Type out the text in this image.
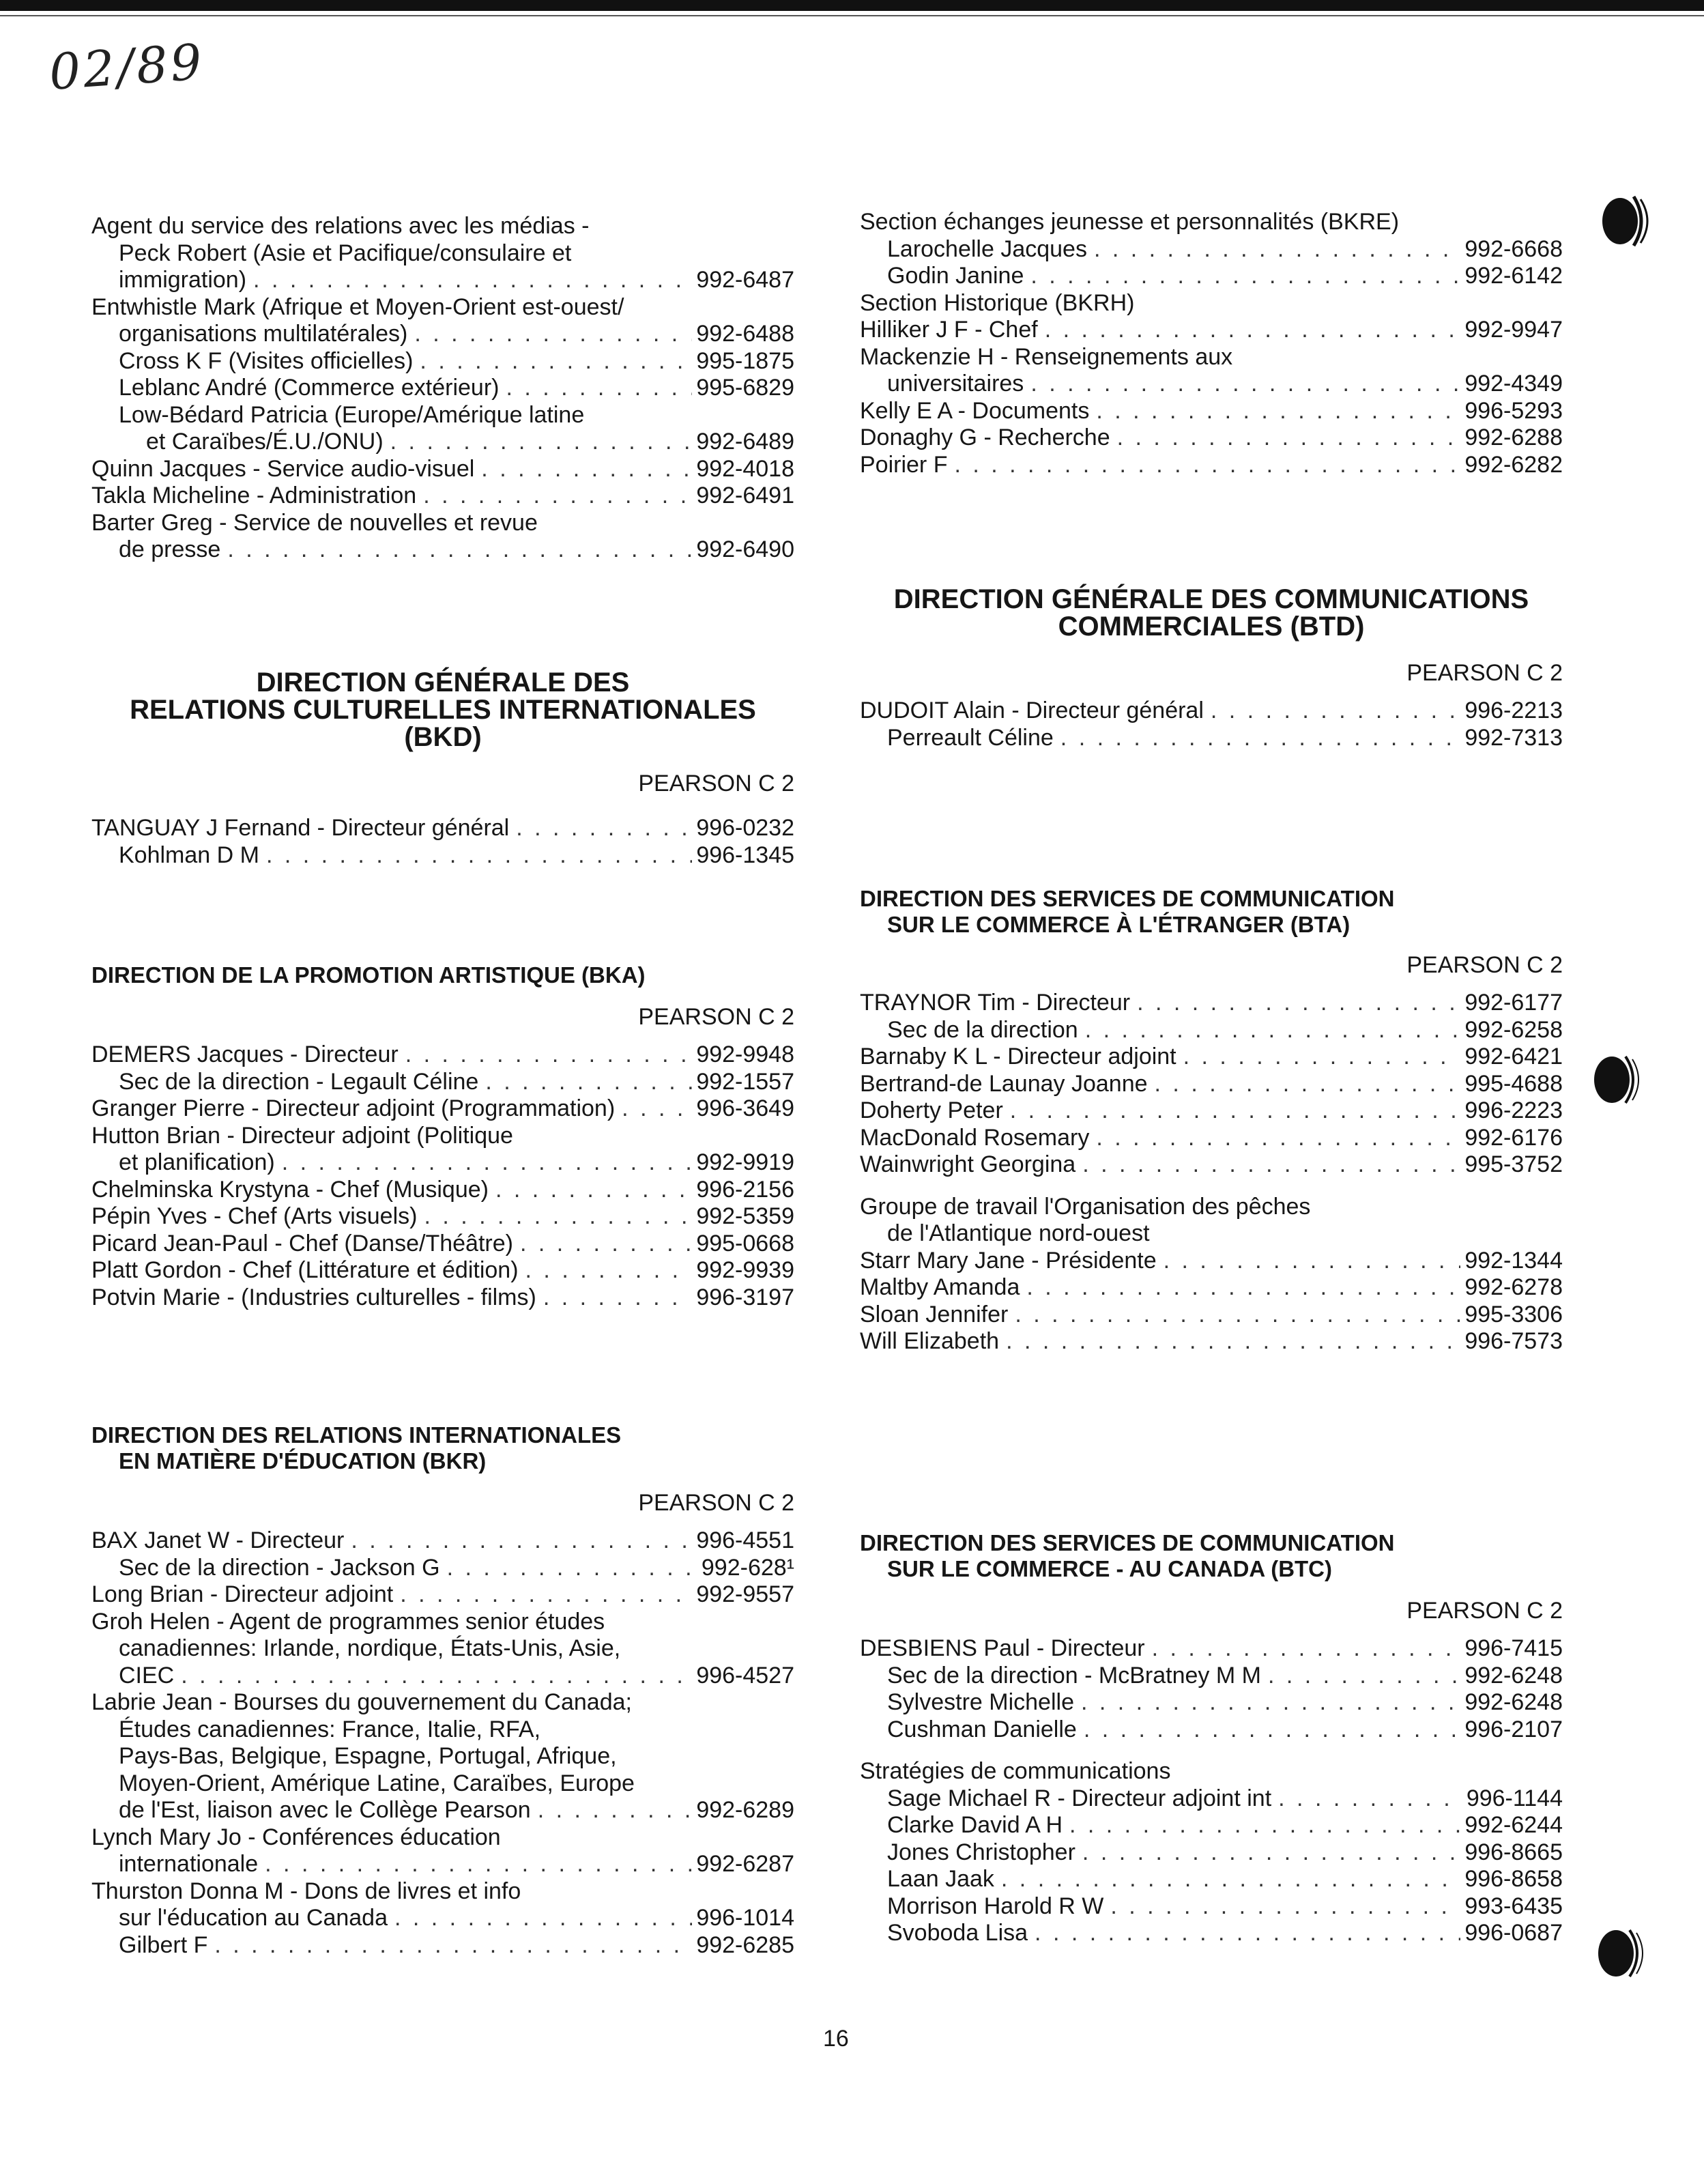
02/89
Agent du service des relations avec les médias -
Peck Robert (Asie et Pacifique/consulaire et
immigration) . . .	992-6487
Entwhistle Mark (Afrique et Moyen-Orient est-ouest/
organisations multilatérales) . . .	992-6488
Cross K F (Visites officielles) . . .	995-1875
Leblanc André (Commerce extérieur) . . .	995-6829
Low-Bédard Patricia (Europe/Amérique latine
et Caraïbes/É.U./ONU) . . .	992-6489
Quinn Jacques - Service audio-visuel . . .	992-4018
Takla Micheline - Administration . . .	992-6491
Barter Greg - Service de nouvelles et revue
de presse . . .	992-6490
DIRECTION GÉNÉRALE DES
RELATIONS CULTURELLES INTERNATIONALES
(BKD)
PEARSON C 2
TANGUAY J Fernand - Directeur général . . .	996-0232
Kohlman D M . . .	996-1345
DIRECTION DE LA PROMOTION ARTISTIQUE (BKA)
PEARSON C 2
DEMERS Jacques - Directeur . . .	992-9948
Sec de la direction - Legault Céline . . .	992-1557
Granger Pierre - Directeur adjoint (Programmation) . . .	996-3649
Hutton Brian - Directeur adjoint (Politique
et planification) . . .	992-9919
Chelminska Krystyna - Chef (Musique) . . .	996-2156
Pépin Yves - Chef (Arts visuels) . . .	992-5359
Picard Jean-Paul - Chef (Danse/Théâtre) . . .	995-0668
Platt Gordon - Chef (Littérature et édition) . . .	992-9939
Potvin Marie - (Industries culturelles - films) . . .	996-3197
DIRECTION DES RELATIONS INTERNATIONALES
EN MATIÈRE D'ÉDUCATION (BKR)
PEARSON C 2
BAX Janet W - Directeur . . .	996-4551
Sec de la direction - Jackson G . . .	992-628¹
Long Brian - Directeur adjoint . . .	992-9557
Groh Helen - Agent de programmes senior études
canadiennes: Irlande, nordique, États-Unis, Asie,
CIEC . . .	996-4527
Labrie Jean - Bourses du gouvernement du Canada;
Études canadiennes: France, Italie, RFA,
Pays-Bas, Belgique, Espagne, Portugal, Afrique,
Moyen-Orient, Amérique Latine, Caraïbes, Europe
de l'Est, liaison avec le Collège Pearson . . .	992-6289
Lynch Mary Jo - Conférences éducation
internationale . . .	992-6287
Thurston Donna M - Dons de livres et info
sur l'éducation au Canada . . .	996-1014
Gilbert F . . .	992-6285
Section échanges jeunesse et personnalités (BKRE)
Larochelle Jacques . . .	992-6668
Godin Janine . . .	992-6142
Section Historique (BKRH)
Hilliker J F - Chef . . .	992-9947
Mackenzie H - Renseignements aux
universitaires . . .	992-4349
Kelly E A - Documents . . .	996-5293
Donaghy G - Recherche . . .	992-6288
Poirier F . . .	992-6282
DIRECTION GÉNÉRALE DES COMMUNICATIONS
COMMERCIALES (BTD)
PEARSON C 2
DUDOIT Alain - Directeur général . . .	996-2213
Perreault Céline . . .	992-7313
DIRECTION DES SERVICES DE COMMUNICATION
SUR LE COMMERCE À L'ÉTRANGER (BTA)
PEARSON C 2
TRAYNOR Tim - Directeur . . .	992-6177
Sec de la direction . . .	992-6258
Barnaby K L - Directeur adjoint . . .	992-6421
Bertrand-de Launay Joanne . . .	995-4688
Doherty Peter . . .	996-2223
MacDonald Rosemary . . .	992-6176
Wainwright Georgina . . .	995-3752
Groupe de travail l'Organisation des pêches
de l'Atlantique nord-ouest
Starr Mary Jane - Présidente . . .	992-1344
Maltby Amanda . . .	992-6278
Sloan Jennifer . . .	995-3306
Will Elizabeth . . .	996-7573
DIRECTION DES SERVICES DE COMMUNICATION
SUR LE COMMERCE - AU CANADA (BTC)
PEARSON C 2
DESBIENS Paul - Directeur . . .	996-7415
Sec de la direction - McBratney M M . . .	992-6248
Sylvestre Michelle . . .	992-6248
Cushman Danielle . . .	996-2107
Stratégies de communications
Sage Michael R - Directeur adjoint int . . .	996-1144
Clarke David A H . . .	992-6244
Jones Christopher . . .	996-8665
Laan Jaak . . .	996-8658
Morrison Harold R W . . .	993-6435
Svoboda Lisa . . .	996-0687
16
